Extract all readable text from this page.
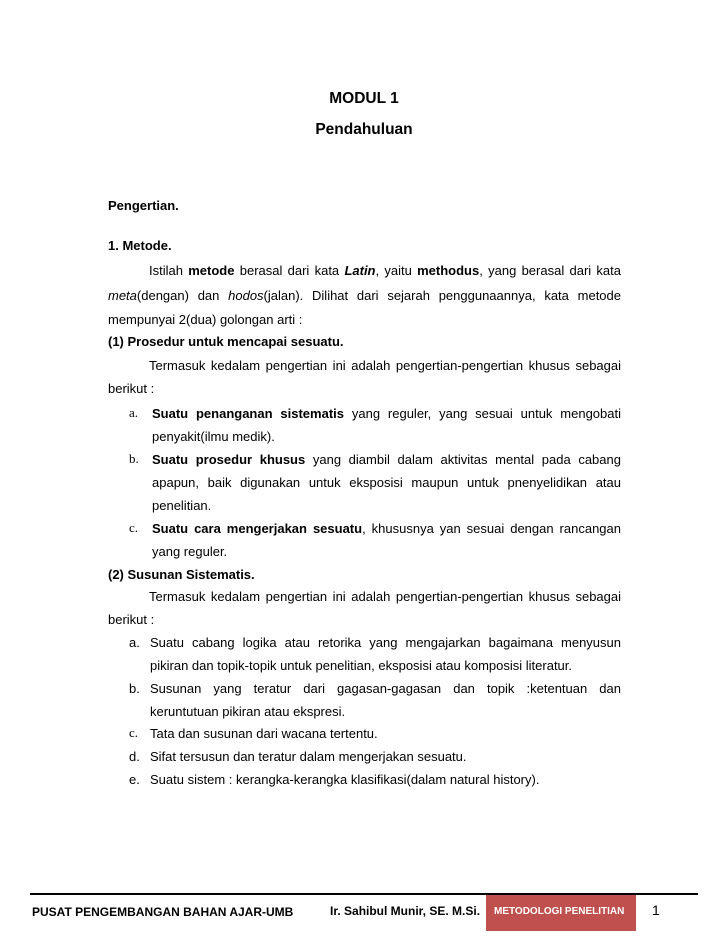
MODUL 1
Pendahuluan
Pengertian.
1. Metode.
Istilah metode berasal dari kata Latin, yaitu methodus, yang berasal dari kata
meta(dengan) dan hodos(jalan). Dilihat dari sejarah penggunaannya, kata metode
mempunyai 2(dua) golongan arti :
(1) Prosedur untuk mencapai sesuatu.
Termasuk kedalam pengertian ini adalah pengertian-pengertian khusus sebagai
berikut :
a. Suatu penanganan sistematis yang reguler, yang sesuai untuk mengobati
penyakit(ilmu medik).
b. Suatu prosedur khusus yang diambil dalam aktivitas mental pada cabang
apapun, baik digunakan untuk eksposisi maupun untuk pnenyelidikan atau
penelitian.
c. Suatu cara mengerjakan sesuatu, khususnya yan sesuai dengan rancangan
yang reguler.
(2) Susunan Sistematis.
Termasuk kedalam pengertian ini adalah pengertian-pengertian khusus sebagai
berikut :
a. Suatu cabang logika atau retorika yang mengajarkan bagaimana menyusun
pikiran dan topik-topik untuk penelitian, eksposisi atau komposisi literatur.
b. Susunan yang teratur dari gagasan-gagasan dan topik :ketentuan dan
keruntutuan pikiran atau ekspresi.
c. Tata dan susunan dari wacana tertentu.
d. Sifat tersusun dan teratur dalam mengerjakan sesuatu.
e. Suatu sistem : kerangka-kerangka klasifikasi(dalam natural history).
PUSAT PENGEMBANGAN BAHAN AJAR-UMB	Ir. Sahibul Munir, SE. M.Si. METODOLOGI PENELITIAN 1
